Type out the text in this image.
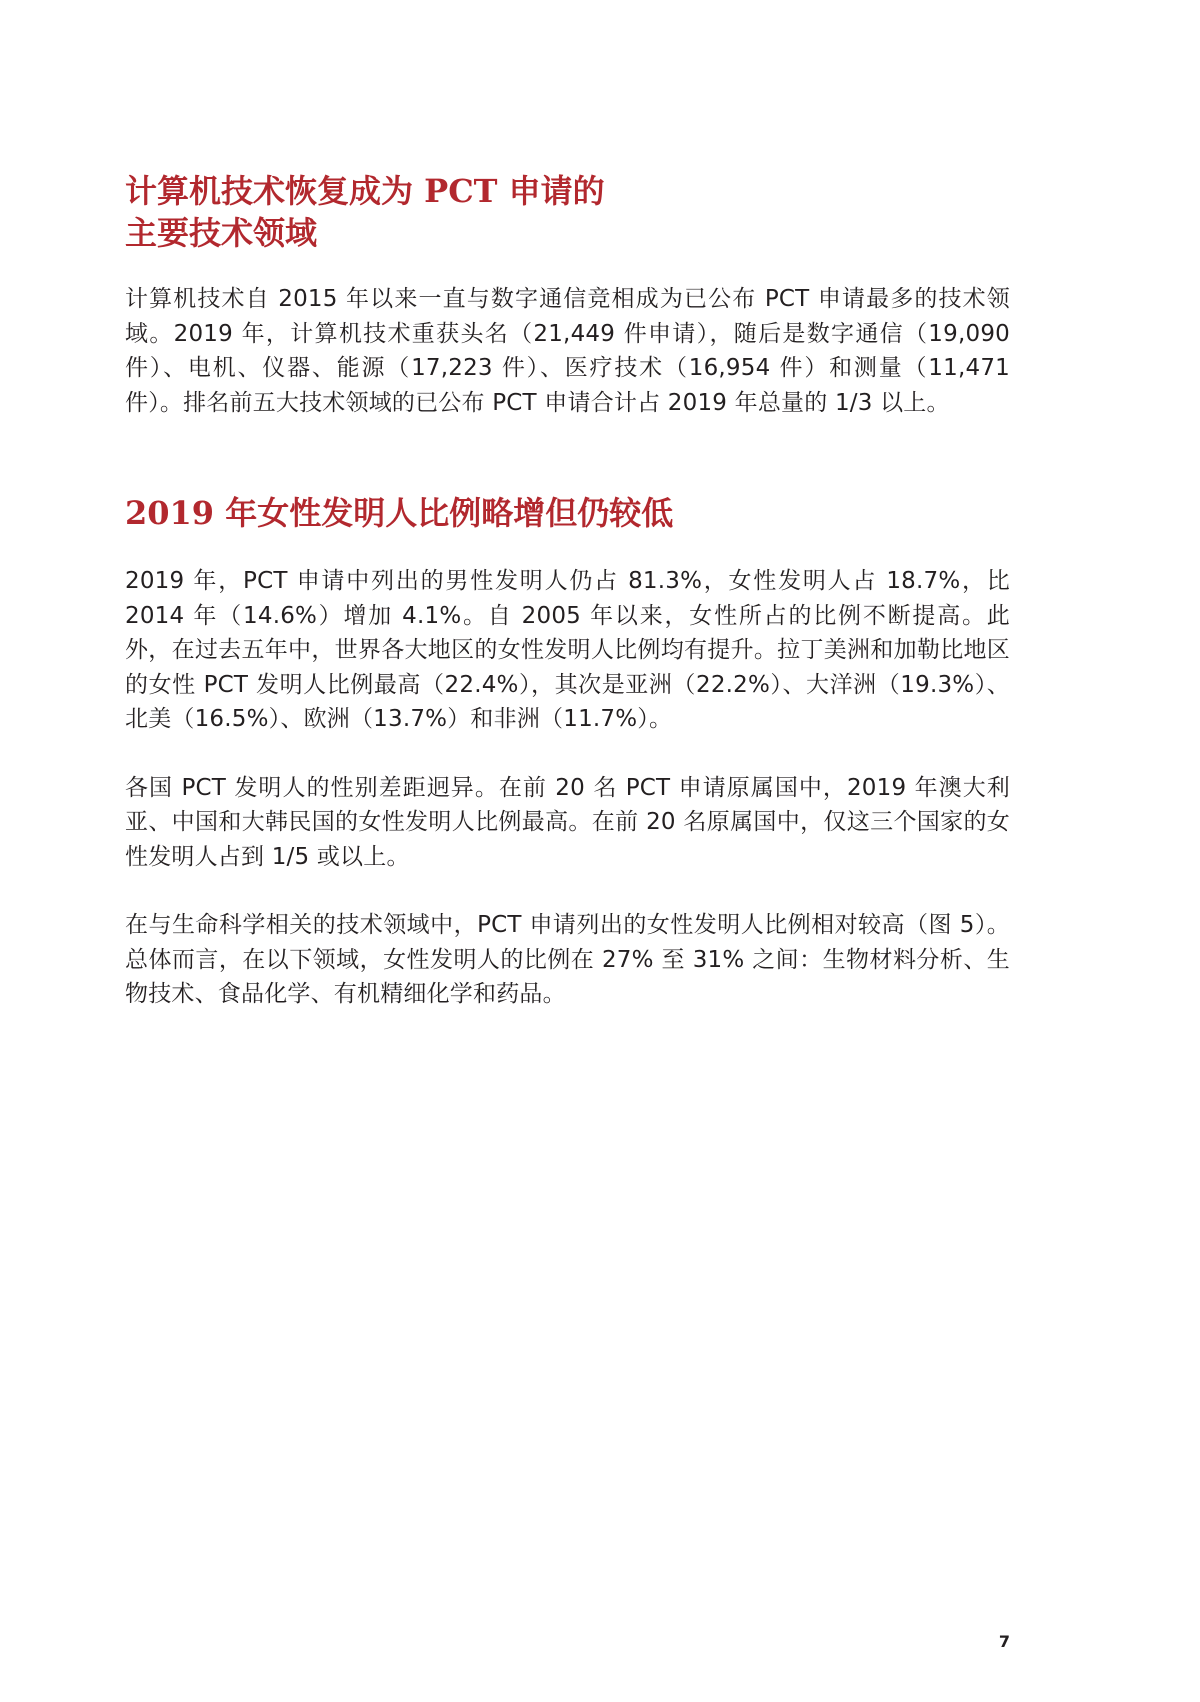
计算机技术恢复成为 PCT 申请的
主要技术领域

计算机技术自 2015 年以来一直与数字通信竞相成为已公布 PCT 申请最多的技术领域。2019 年，计算机技术重获头名（21,449 件申请），随后是数字通信（19,090 件）、电机、仪器、能源（17,223 件）、医疗技术（16,954 件）和测量（11,471 件）。排名前五大技术领域的已公布 PCT 申请合计占 2019 年总量的 1/3 以上。

2019 年女性发明人比例略增但仍较低

2019 年，PCT 申请中列出的男性发明人仍占 81.3%，女性发明人占 18.7%，比 2014 年（14.6%）增加 4.1%。自 2005 年以来，女性所占的比例不断提高。此外，在过去五年中，世界各大地区的女性发明人比例均有提升。拉丁美洲和加勒比地区的女性 PCT 发明人比例最高（22.4%），其次是亚洲（22.2%）、大洋洲（19.3%）、北美（16.5%）、欧洲（13.7%）和非洲（11.7%）。

各国 PCT 发明人的性别差距迥异。在前 20 名 PCT 申请原属国中，2019 年澳大利亚、中国和大韩民国的女性发明人比例最高。在前 20 名原属国中，仅这三个国家的女性发明人占到 1/5 或以上。

在与生命科学相关的技术领域中，PCT 申请列出的女性发明人比例相对较高（图 5）。总体而言，在以下领域，女性发明人的比例在 27% 至 31% 之间：生物材料分析、生物技术、食品化学、有机精细化学和药品。

7
